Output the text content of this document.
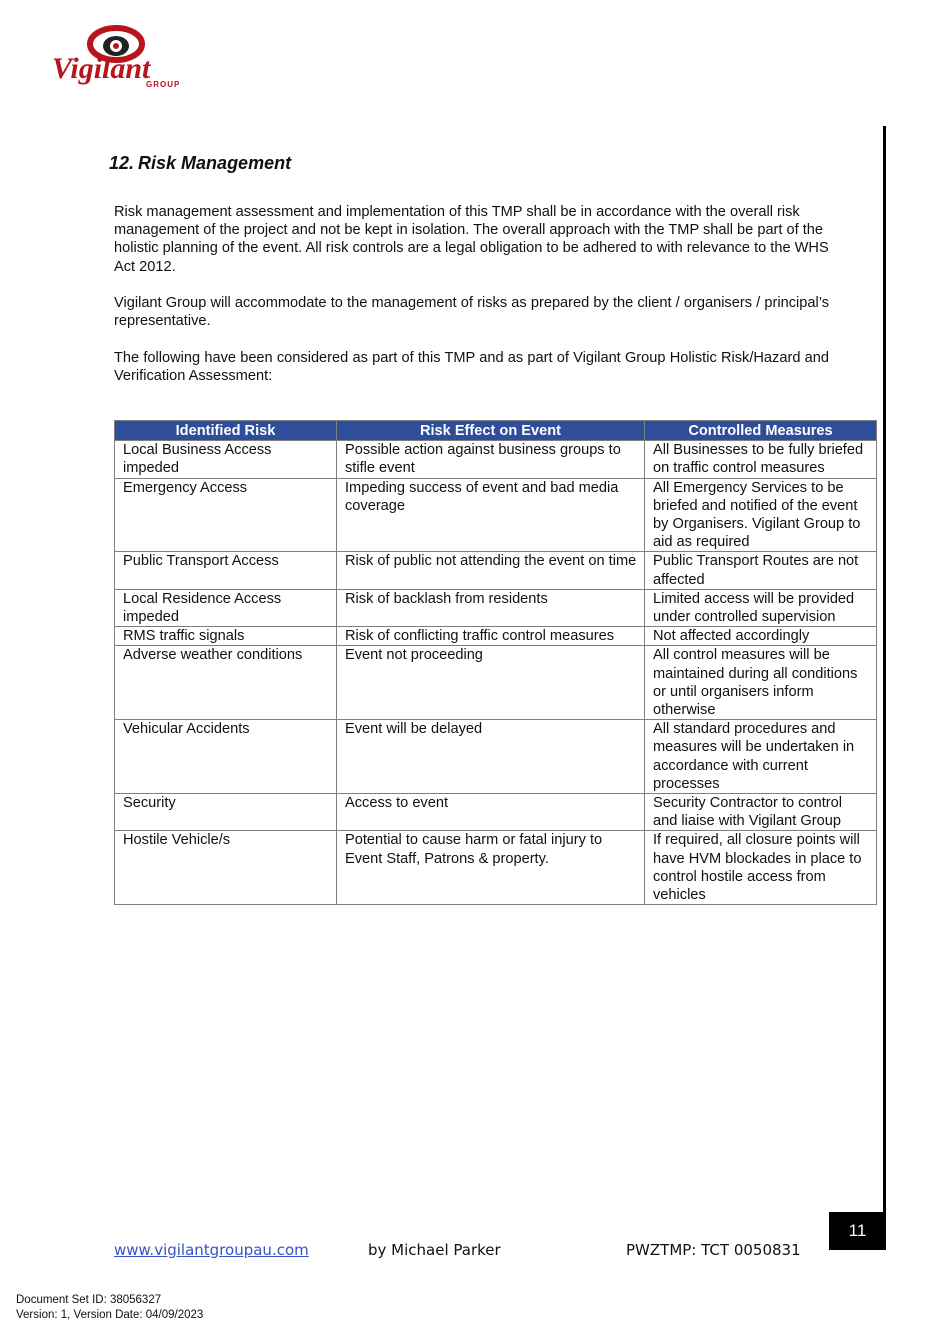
Vigilant
GROUP
12. Risk Management

Risk management assessment and implementation of this TMP shall be in accordance with the overall risk management of the project and not be kept in isolation. The overall approach with the TMP shall be part of the holistic planning of the event. All risk controls are a legal obligation to be adhered to with relevance to the WHS Act 2012.

Vigilant Group will accommodate to the management of risks as prepared by the client / organisers / principal’s representative.

The following have been considered as part of this TMP and as part of Vigilant Group Holistic Risk/Hazard and Verification Assessment:

Identified Risk	Risk Effect on Event	Controlled Measures
Local Business Access impeded	Possible action against business groups to stifle event	All Businesses to be fully briefed on traffic control measures
Emergency Access	Impeding success of event and bad media coverage	All Emergency Services to be briefed and notified of the event by Organisers. Vigilant Group to aid as required
Public Transport Access	Risk of public not attending the event on time	Public Transport Routes are not affected
Local Residence Access impeded	Risk of backlash from residents	Limited access will be provided under controlled supervision
RMS traffic signals	Risk of conflicting traffic control measures	Not affected accordingly
Adverse weather conditions	Event not proceeding	All control measures will be maintained during all conditions or until organisers inform otherwise
Vehicular Accidents	Event will be delayed	All standard procedures and measures will be undertaken in accordance with current processes
Security	Access to event	Security Contractor to control and liaise with Vigilant Group
Hostile Vehicle/s	Potential to cause harm or fatal injury to Event Staff, Patrons & property.	If required, all closure points will have HVM blockades in place to control hostile access from vehicles
11
www.vigilantgroupau.com	by Michael Parker	PWZTMP: TCT 0050831
Document Set ID: 38056327
Version: 1, Version Date: 04/09/2023
